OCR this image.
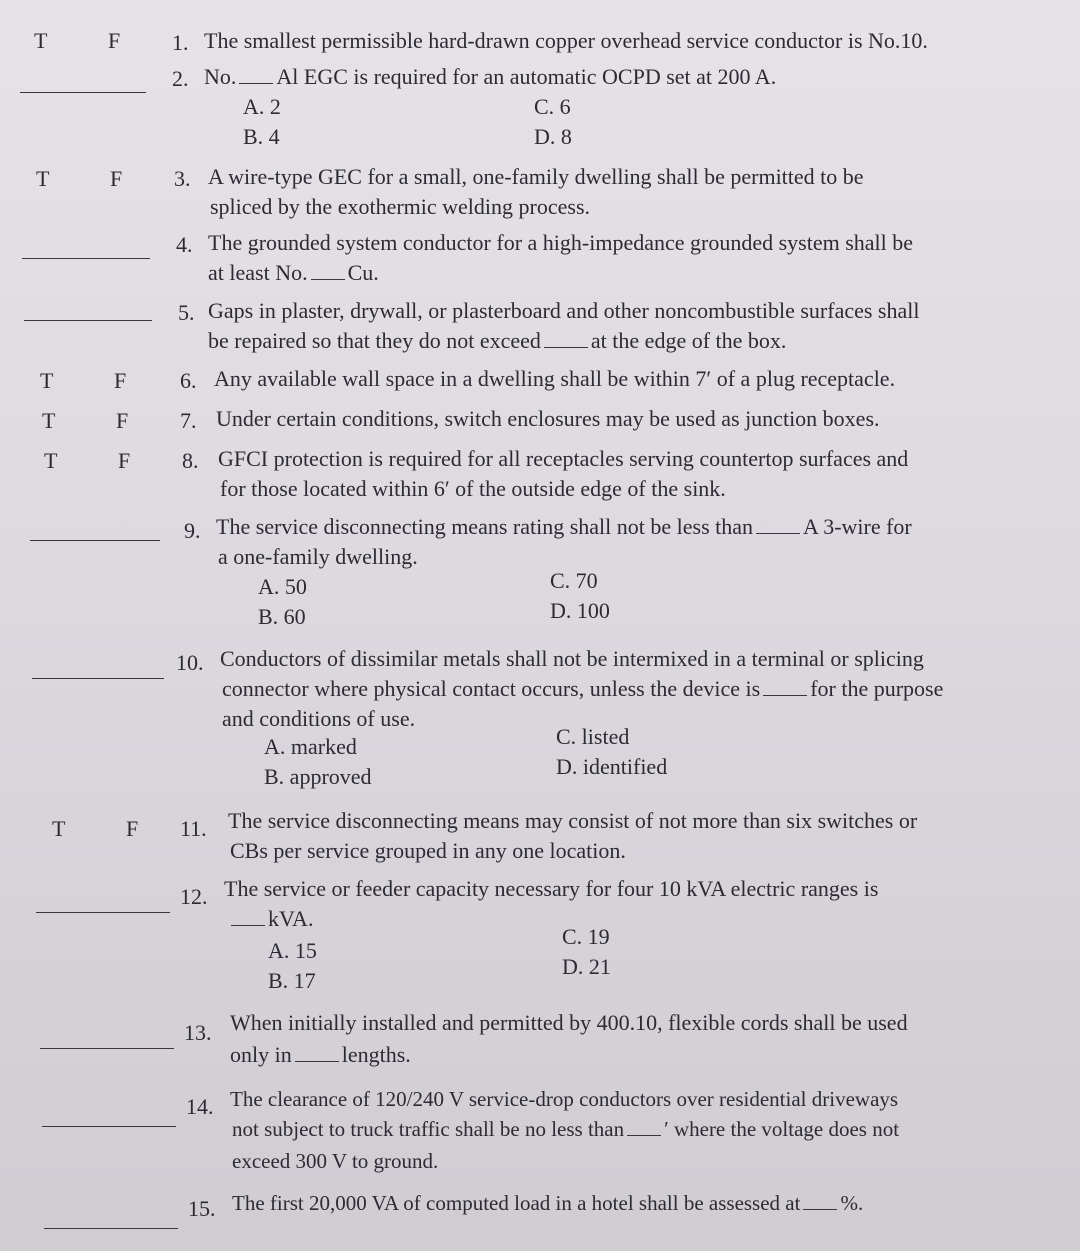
T	F 1. The smallest permissible hard-drawn copper overhead service conductor is No.10.
2. No. Al EGC is required for an automatic OCPD set at 200 A.
A. 2
B. 4
C. 6
D. 8
T	F 3. A wire-type GEC for a small, one-family dwelling shall be permitted to be
spliced by the exothermic welding process.
4. The grounded system conductor for a high-impedance grounded system shall be
at least No. Cu.
5. Gaps in plaster, drywall, or plasterboard and other noncombustible surfaces shall
be repaired so that they do not exceed at the edge of the box.
T	F 6. Any available wall space in a dwelling shall be within 7′ of a plug receptacle.
T	F 7. Under certain conditions, switch enclosures may be used as junction boxes.
T	F 8. GFCI protection is required for all receptacles serving countertop surfaces and
for those located within 6′ of the outside edge of the sink.
9. The service disconnecting means rating shall not be less than A 3-wire for
a one-family dwelling.
A. 50
B. 60
C. 70
D. 100
10. Conductors of dissimilar metals shall not be intermixed in a terminal or splicing
connector where physical contact occurs, unless the device is for the purpose
and conditions of use.
A. marked
B. approved
C. listed
D. identified
T	F 11. The service disconnecting means may consist of not more than six switches or
CBs per service grouped in any one location.
12. The service or feeder capacity necessary for four 10 kVA electric ranges is
kVA.
A. 15
B. 17
C. 19
D. 21
13. When initially installed and permitted by 400.10, flexible cords shall be used
only in lengths.
14. The clearance of 120/240 V service-drop conductors over residential driveways
not subject to truck traffic shall be no less than ′ where the voltage does not
exceed 300 V to ground.
15. The first 20,000 VA of computed load in a hotel shall be assessed at %.
